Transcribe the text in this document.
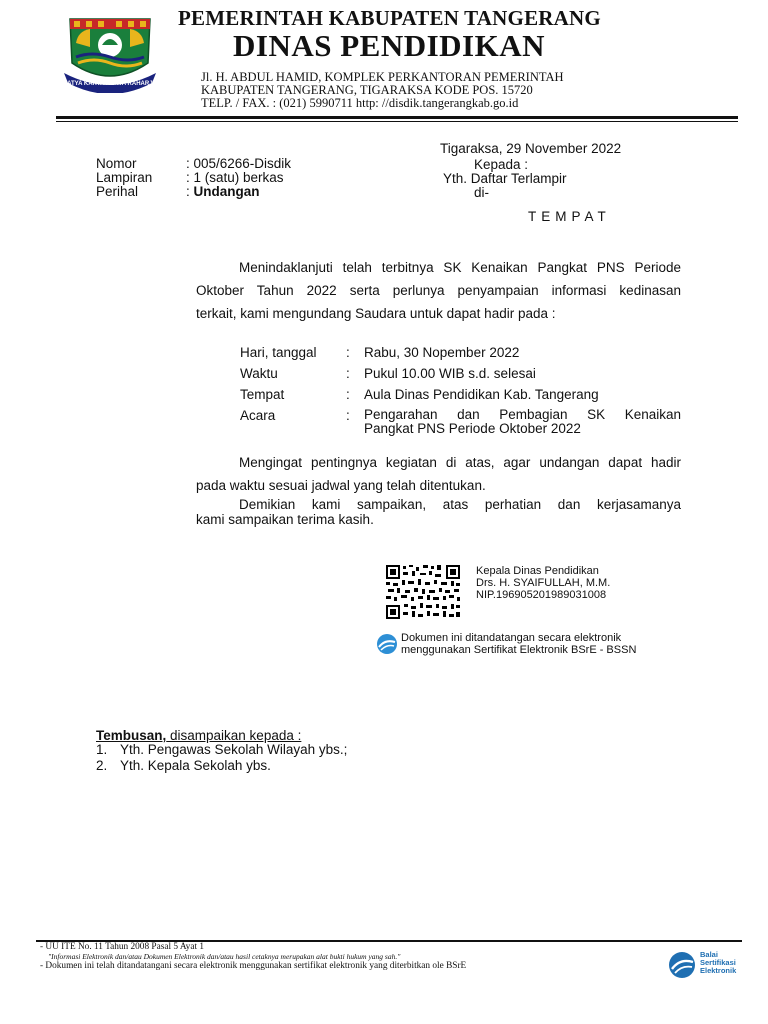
SATYA KARYA KERTA RAHARJA
PEMERINTAH KABUPATEN TANGERANG
DINAS PENDIDIKAN
Jl. H. ABDUL HAMID, KOMPLEK PERKANTORAN PEMERINTAH
KABUPATEN TANGERANG, TIGARAKSA KODE POS. 15720
TELP. / FAX. : (021) 5990711 http: //disdik.tangerangkab.go.id
Tigaraksa, 29 November 2022
Nomor
Lampiran
Perihal
: 005/6266-Disdik
: 1 (satu) berkas
: Undangan
Kepada :
Yth. Daftar Terlampir
di-
TEMPAT
Menindaklanjuti telah terbitnya SK Kenaikan Pangkat PNS Periode
Oktober Tahun 2022 serta perlunya penyampaian informasi kedinasan
terkait, kami mengundang Saudara untuk dapat hadir pada :
Hari, tanggal
Waktu
Tempat
Acara
:
:
:
:
Rabu, 30 Nopember 2022
Pukul 10.00 WIB s.d. selesai
Aula Dinas Pendidikan Kab. Tangerang
Pengarahan dan Pembagian SK Kenaikan
Pangkat PNS Periode Oktober 2022
Mengingat pentingnya kegiatan di atas, agar undangan dapat hadir
pada waktu sesuai jadwal yang telah ditentukan.
Demikian kami sampaikan, atas perhatian dan kerjasamanya
kami sampaikan terima kasih.
Kepala Dinas Pendidikan
Drs. H. SYAIFULLAH, M.M.
NIP.196905201989031008
Dokumen ini ditandatangan secara elektronik
menggunakan Sertifikat Elektronik BSrE - BSSN
Tembusan, disampaikan kepada :
1. Yth. Pengawas Sekolah Wilayah ybs.;
2. Yth. Kepala Sekolah ybs.
- UU ITE No. 11 Tahun 2008 Pasal 5 Ayat 1
"Informasi Elektronik dan/atau Dokumen Elektronik dan/atau hasil cetaknya merupakan alat bukti hukum yang sah."
- Dokumen ini telah ditandatangani secara elektronik menggunakan sertifikat elektronik yang diterbitkan ole BSrE
Balai
Sertifikasi
Elektronik
